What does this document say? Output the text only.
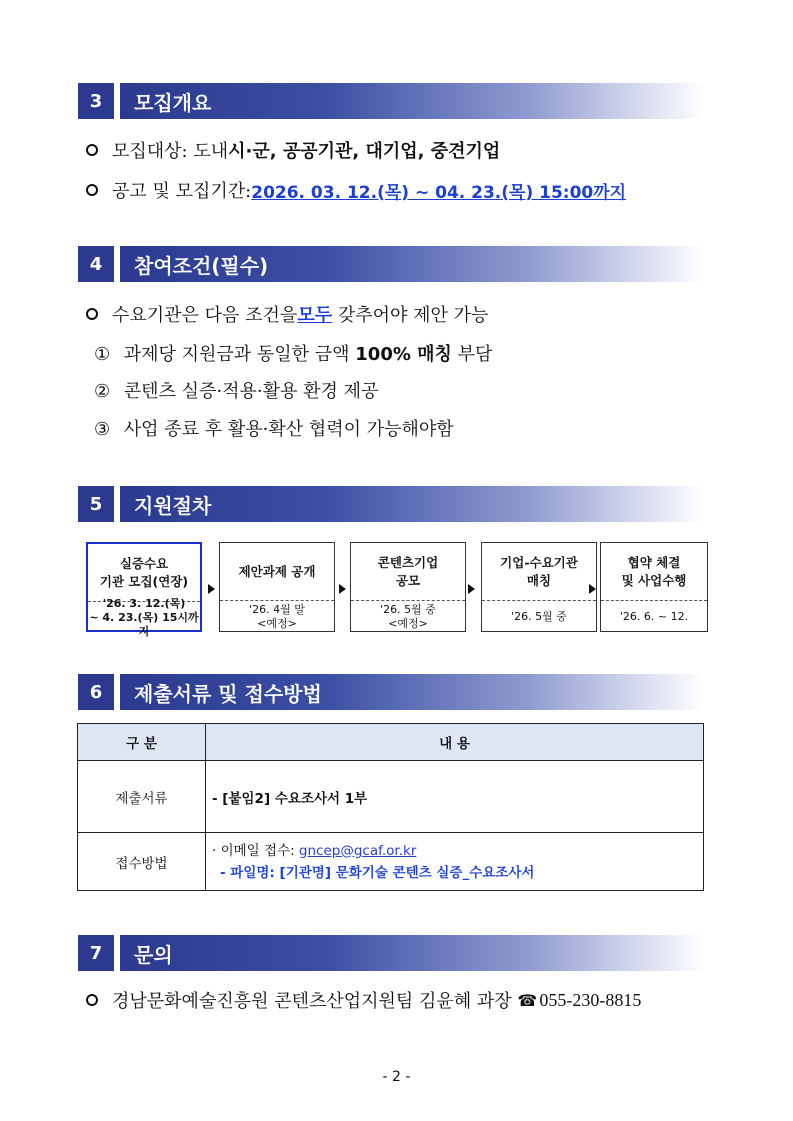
3	모집개요
모집대상: 도내 시·군, 공공기관, 대기업, 중견기업
공고 및 모집기간: 2026. 03. 12.(목) ~ 04. 23.(목) 15:00까지
4	참여조건(필수)
수요기관은 다음 조건을 모두 갖추어야 제안 가능
① 과제당 지원금과 동일한 금액 100% 매칭 부담
② 콘텐츠 실증·적용·활용 환경 제공
③ 사업 종료 후 활용·확산 협력이 가능해야함
5	지원절차
실증수요
기관 모집(연장)
'26. 3. 12.(목)
~ 4. 23.(목) 15시까지
제안과제 공개
'26. 4월 말
<예정>
콘텐츠기업
공모
'26. 5월 중
<예정>
기업-수요기관
매칭
'26. 5월 중
협약 체결
및 사업수행
'26. 6. ~ 12.
6	제출서류 및 접수방법
구 분	내 용
제출서류	- [붙임2] 수요조사서 1부
접수방법	· 이메일 접수: gncep@gcaf.or.kr
- 파일명: [기관명] 문화기술 콘텐츠 실증_수요조사서
7	문의
경남문화예술진흥원 콘텐츠산업지원팀 김윤혜 과장 ☎ 055-230-8815
- 2 -
